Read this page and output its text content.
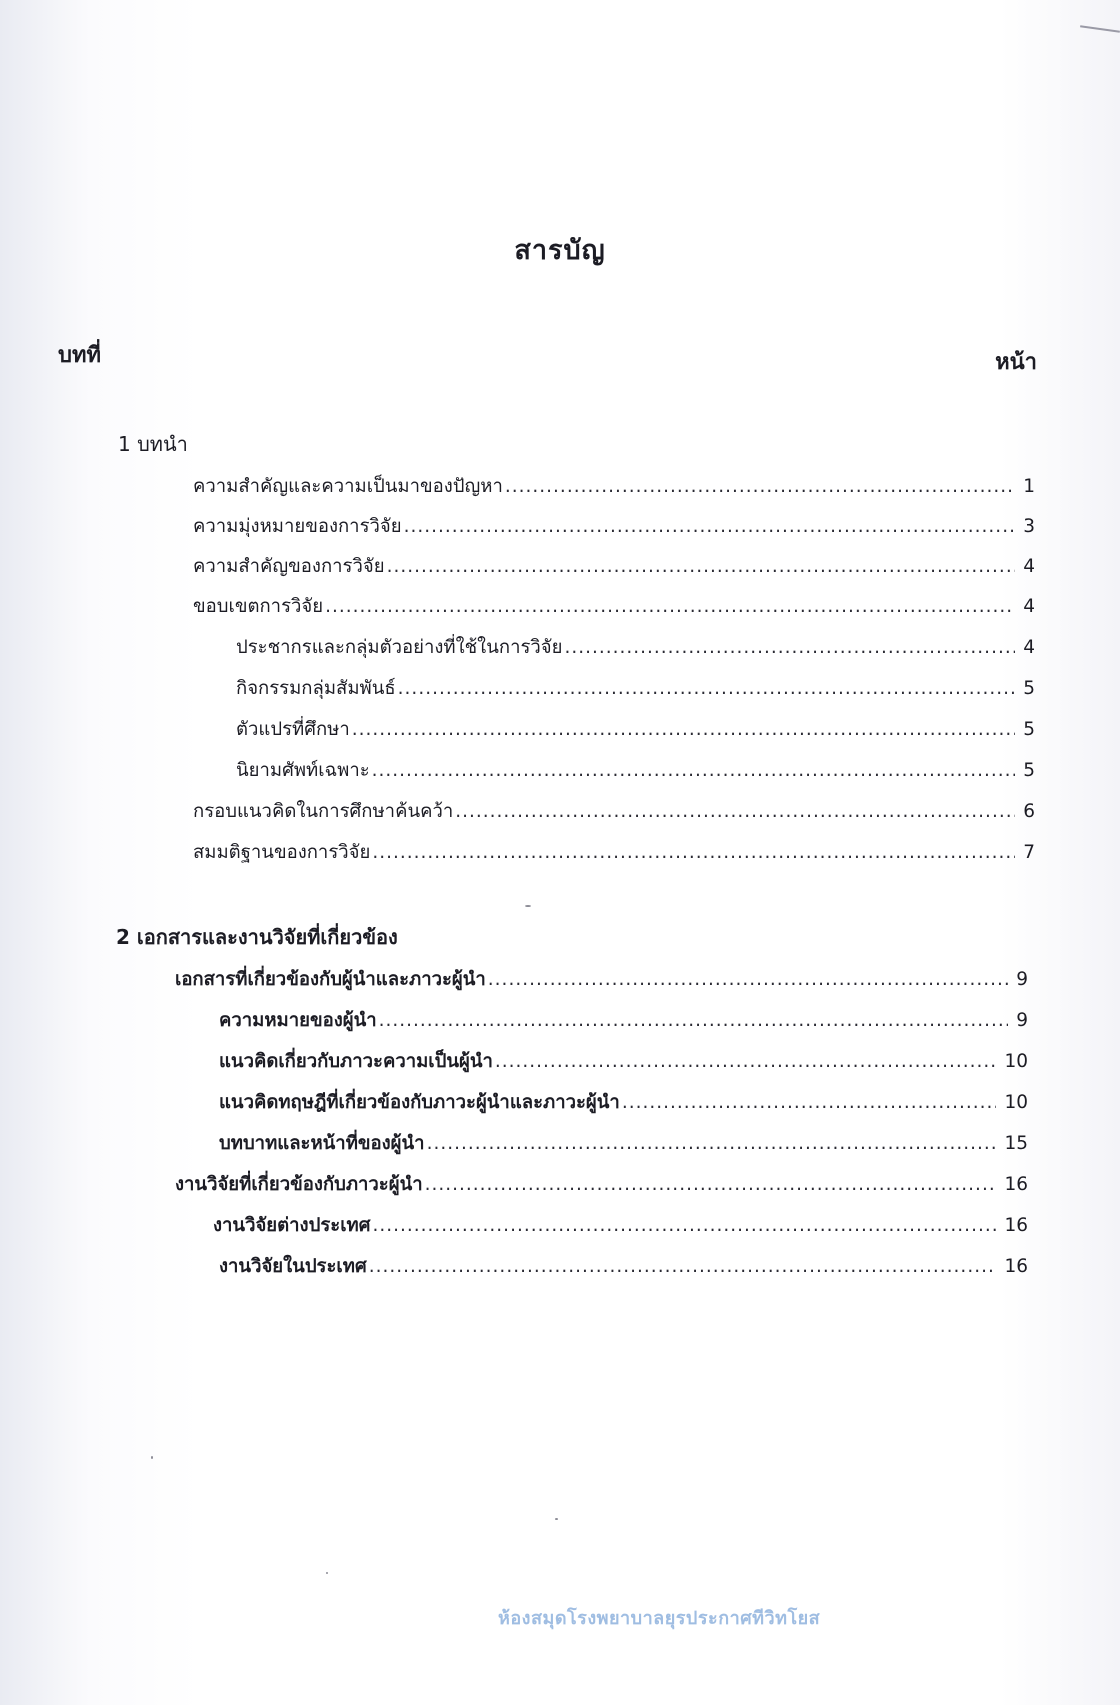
สารบัญ
บทที่	หน้า
1 บทนำ
ความสำคัญและความเป็นมาของปัญหา .....	1
ความมุ่งหมายของการวิจัย .....	3
ความสำคัญของการวิจัย .....	4
ขอบเขตการวิจัย .....	4
ประชากรและกลุ่มตัวอย่างที่ใช้ในการวิจัย .....	4
กิจกรรมกลุ่มสัมพันธ์ .....	5
ตัวแปรที่ศึกษา .....	5
นิยามศัพท์เฉพาะ .....	5
กรอบแนวคิดในการศึกษาค้นคว้า .....	6
สมมติฐานของการวิจัย .....	7
2 เอกสารและงานวิจัยที่เกี่ยวข้อง
เอกสารที่เกี่ยวข้องกับผู้นำและภาวะผู้นำ .....	9
ความหมายของผู้นำ .....	9
แนวคิดเกี่ยวกับภาวะความเป็นผู้นำ .....	10
แนวคิดทฤษฎีที่เกี่ยวข้องกับภาวะผู้นำและภาวะผู้นำ .....	10
บทบาทและหน้าที่ของผู้นำ .....	15
งานวิจัยที่เกี่ยวข้องกับภาวะผู้นำ .....	16
งานวิจัยต่างประเทศ .....	16
งานวิจัยในประเทศ .....	16
ห้องสมุดโรงพยาบาลยุรประกาศทีวิทโยส
